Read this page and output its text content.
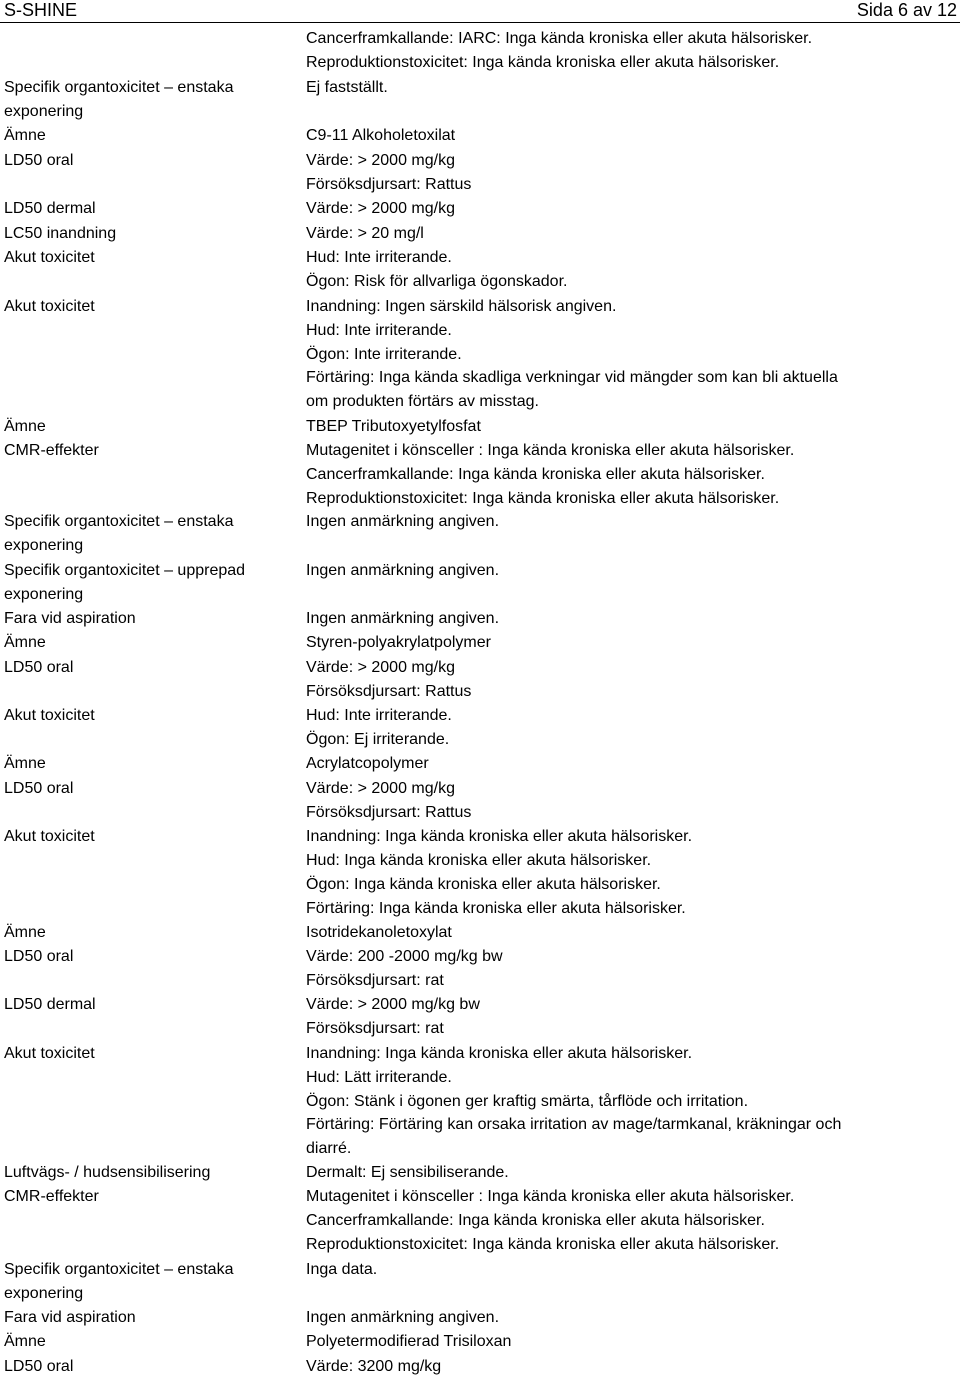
S-SHINE	Sida 6 av 12
Specifik organtoxicitet – enstaka
exponering
Ämne
LD50 oral
LD50 dermal
LC50 inandning
Akut toxicitet
Akut toxicitet
Ämne
CMR-effekter
Specifik organtoxicitet – enstaka
exponering
Specifik organtoxicitet – upprepad
exponering
Fara vid aspiration
Ämne
LD50 oral
Akut toxicitet
Ämne
LD50 oral
Akut toxicitet
Ämne
LD50 oral
LD50 dermal
Akut toxicitet
Luftvägs- / hudsensibilisering
CMR-effekter
Specifik organtoxicitet – enstaka
exponering
Fara vid aspiration
Ämne
LD50 oral
Cancerframkallande: IARC: Inga kända kroniska eller akuta hälsorisker.
Reproduktionstoxicitet: Inga kända kroniska eller akuta hälsorisker.
Ej fastställt.
C9-11 Alkoholetoxilat
Värde: > 2000 mg/kg
Försöksdjursart: Rattus
Värde: > 2000 mg/kg
Värde: > 20 mg/l
Hud: Inte irriterande.
Ögon: Risk för allvarliga ögonskador.
Inandning: Ingen särskild hälsorisk angiven.
Hud: Inte irriterande.
Ögon: Inte irriterande.
Förtäring: Inga kända skadliga verkningar vid mängder som kan bli aktuella
om produkten förtärs av misstag.
TBEP Tributoxyetylfosfat
Mutagenitet i könsceller : Inga kända kroniska eller akuta hälsorisker.
Cancerframkallande: Inga kända kroniska eller akuta hälsorisker.
Reproduktionstoxicitet: Inga kända kroniska eller akuta hälsorisker.
Ingen anmärkning angiven.
Ingen anmärkning angiven.
Ingen anmärkning angiven.
Styren-polyakrylatpolymer
Värde: > 2000 mg/kg
Försöksdjursart: Rattus
Hud: Inte irriterande.
Ögon: Ej irriterande.
Acrylatcopolymer
Värde: > 2000 mg/kg
Försöksdjursart: Rattus
Inandning: Inga kända kroniska eller akuta hälsorisker.
Hud: Inga kända kroniska eller akuta hälsorisker.
Ögon: Inga kända kroniska eller akuta hälsorisker.
Förtäring: Inga kända kroniska eller akuta hälsorisker.
Isotridekanoletoxylat
Värde: 200 -2000 mg/kg bw
Försöksdjursart: rat
Värde: > 2000 mg/kg bw
Försöksdjursart: rat
Inandning: Inga kända kroniska eller akuta hälsorisker.
Hud: Lätt irriterande.
Ögon: Stänk i ögonen ger kraftig smärta, tårflöde och irritation.
Förtäring: Förtäring kan orsaka irritation av mage/tarmkanal, kräkningar och
diarré.
Dermalt: Ej sensibiliserande.
Mutagenitet i könsceller : Inga kända kroniska eller akuta hälsorisker.
Cancerframkallande: Inga kända kroniska eller akuta hälsorisker.
Reproduktionstoxicitet: Inga kända kroniska eller akuta hälsorisker.
Inga data.
Ingen anmärkning angiven.
Polyetermodifierad Trisiloxan
Värde: 3200 mg/kg
